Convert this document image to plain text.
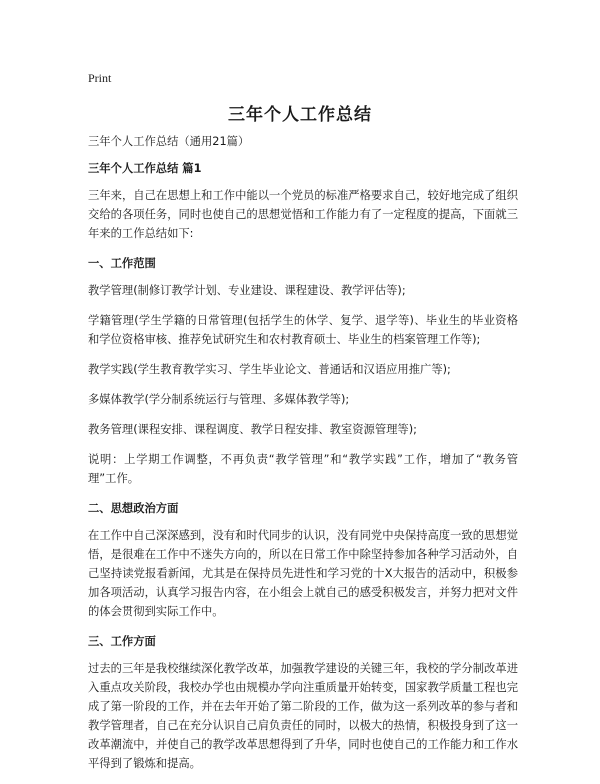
Print
三年个人工作总结

三年个人工作总结（通用21篇）

三年个人工作总结 篇1

三年来，自己在思想上和工作中能以一个党员的标准严格要求自己，较好地完成了组织交给的各项任务，同时也使自己的思想觉悟和工作能力有了一定程度的提高，下面就三年来的工作总结如下:

一、工作范围

教学管理(制修订教学计划、专业建设、课程建设、教学评估等);

学籍管理(学生学籍的日常管理(包括学生的休学、复学、退学等)、毕业生的毕业资格和学位资格审核、推荐免试研究生和农村教育硕士、毕业生的档案管理工作等);

教学实践(学生教育教学实习、学生毕业论文、普通话和汉语应用推广等);

多媒体教学(学分制系统运行与管理、多媒体教学等);

教务管理(课程安排、课程调度、教学日程安排、教室资源管理等);

说明：上学期工作调整，不再负责“教学管理”和“教学实践”工作，增加了“教务管理”工作。

二、思想政治方面

在工作中自己深深感到，没有和时代同步的认识，没有同党中央保持高度一致的思想觉悟，是很难在工作中不迷失方向的，所以在日常工作中除坚持参加各种学习活动外，自己坚持读党报看新闻，尤其是在保持员先进性和学习党的十X大报告的活动中，积极参加各项活动，认真学习报告内容，在小组会上就自己的感受积极发言，并努力把对文件的体会贯彻到实际工作中。

三、工作方面

过去的三年是我校继续深化教学改革，加强教学建设的关键三年，我校的学分制改革进入重点攻关阶段，我校办学也由规模办学向注重质量开始转变，国家教学质量工程也完成了第一阶段的工作，并在去年开始了第二阶段的工作，做为这一系列改革的参与者和教学管理者，自己在充分认识自己肩负责任的同时，以极大的热情，积极投身到了这一改革潮流中，并使自己的教学改革思想得到了升华，同时也使自己的工作能力和工作水平得到了锻炼和提高。
